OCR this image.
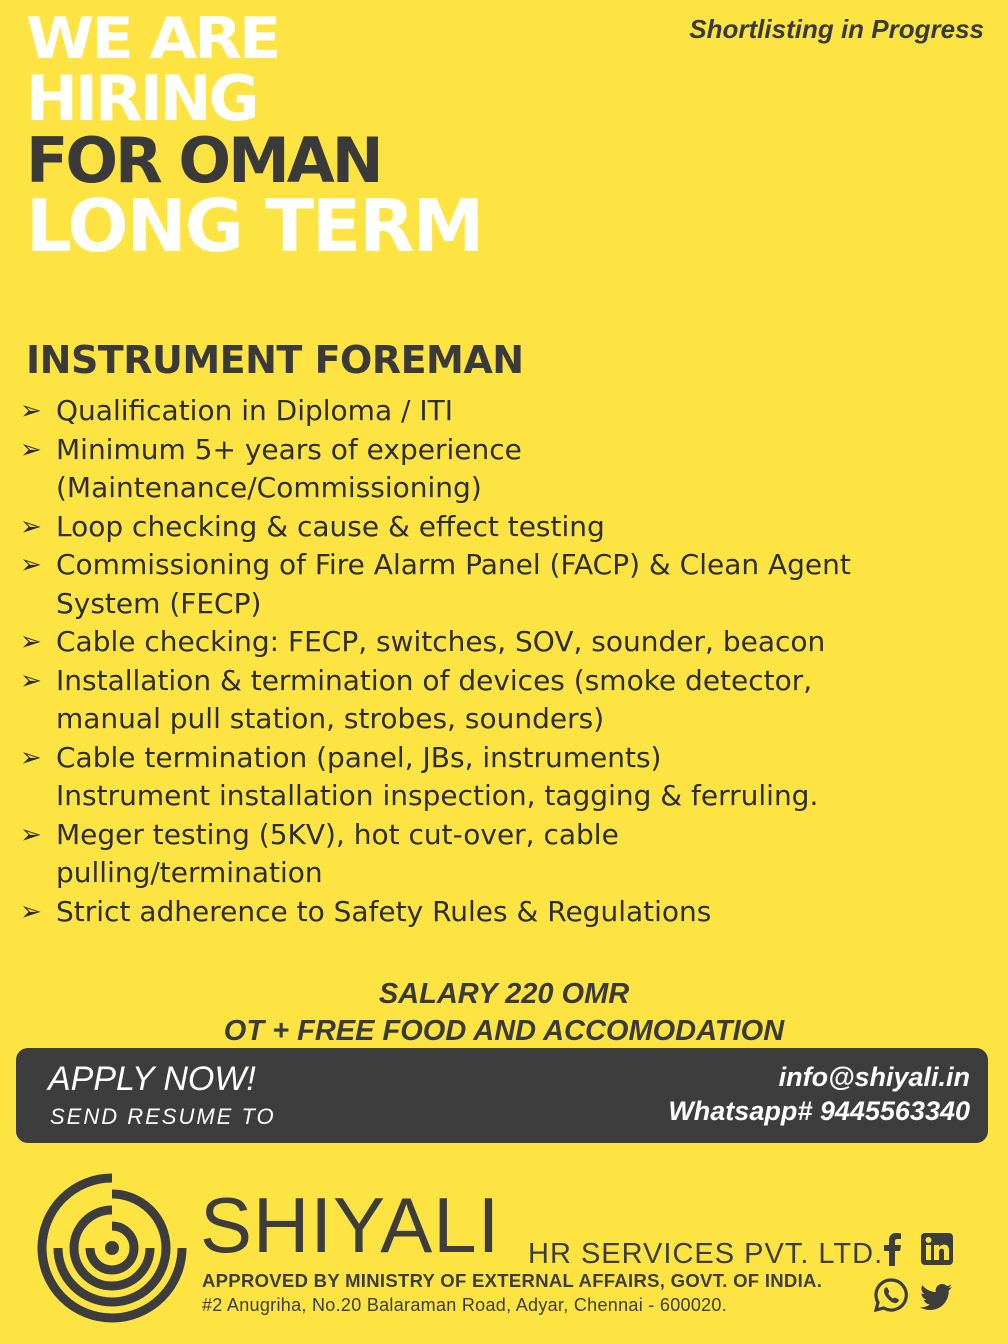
Shortlisting in Progress
WE ARE
HIRING
FOR OMAN
LONG TERM
INSTRUMENT FOREMAN
➢ Qualification in Diploma / ITI
➢ Minimum 5+ years of experience
(Maintenance/Commissioning)
➢ Loop checking & cause & effect testing
➢ Commissioning of Fire Alarm Panel (FACP) & Clean Agent
System (FECP)
➢ Cable checking: FECP, switches, SOV, sounder, beacon
➢ Installation & termination of devices (smoke detector,
manual pull station, strobes, sounders)
➢ Cable termination (panel, JBs, instruments)
Instrument installation inspection, tagging & ferruling.
➢ Meger testing (5KV), hot cut-over, cable
pulling/termination
➢ Strict adherence to Safety Rules & Regulations
SALARY 220 OMR
OT + FREE FOOD AND ACCOMODATION
APPLY NOW!
SEND RESUME TO
info@shiyali.in
Whatsapp# 9445563340
SHIYALI HR SERVICES PVT. LTD.
APPROVED BY MINISTRY OF EXTERNAL AFFAIRS, GOVT. OF INDIA.
#2 Anugriha, No.20 Balaraman Road, Adyar, Chennai - 600020.
